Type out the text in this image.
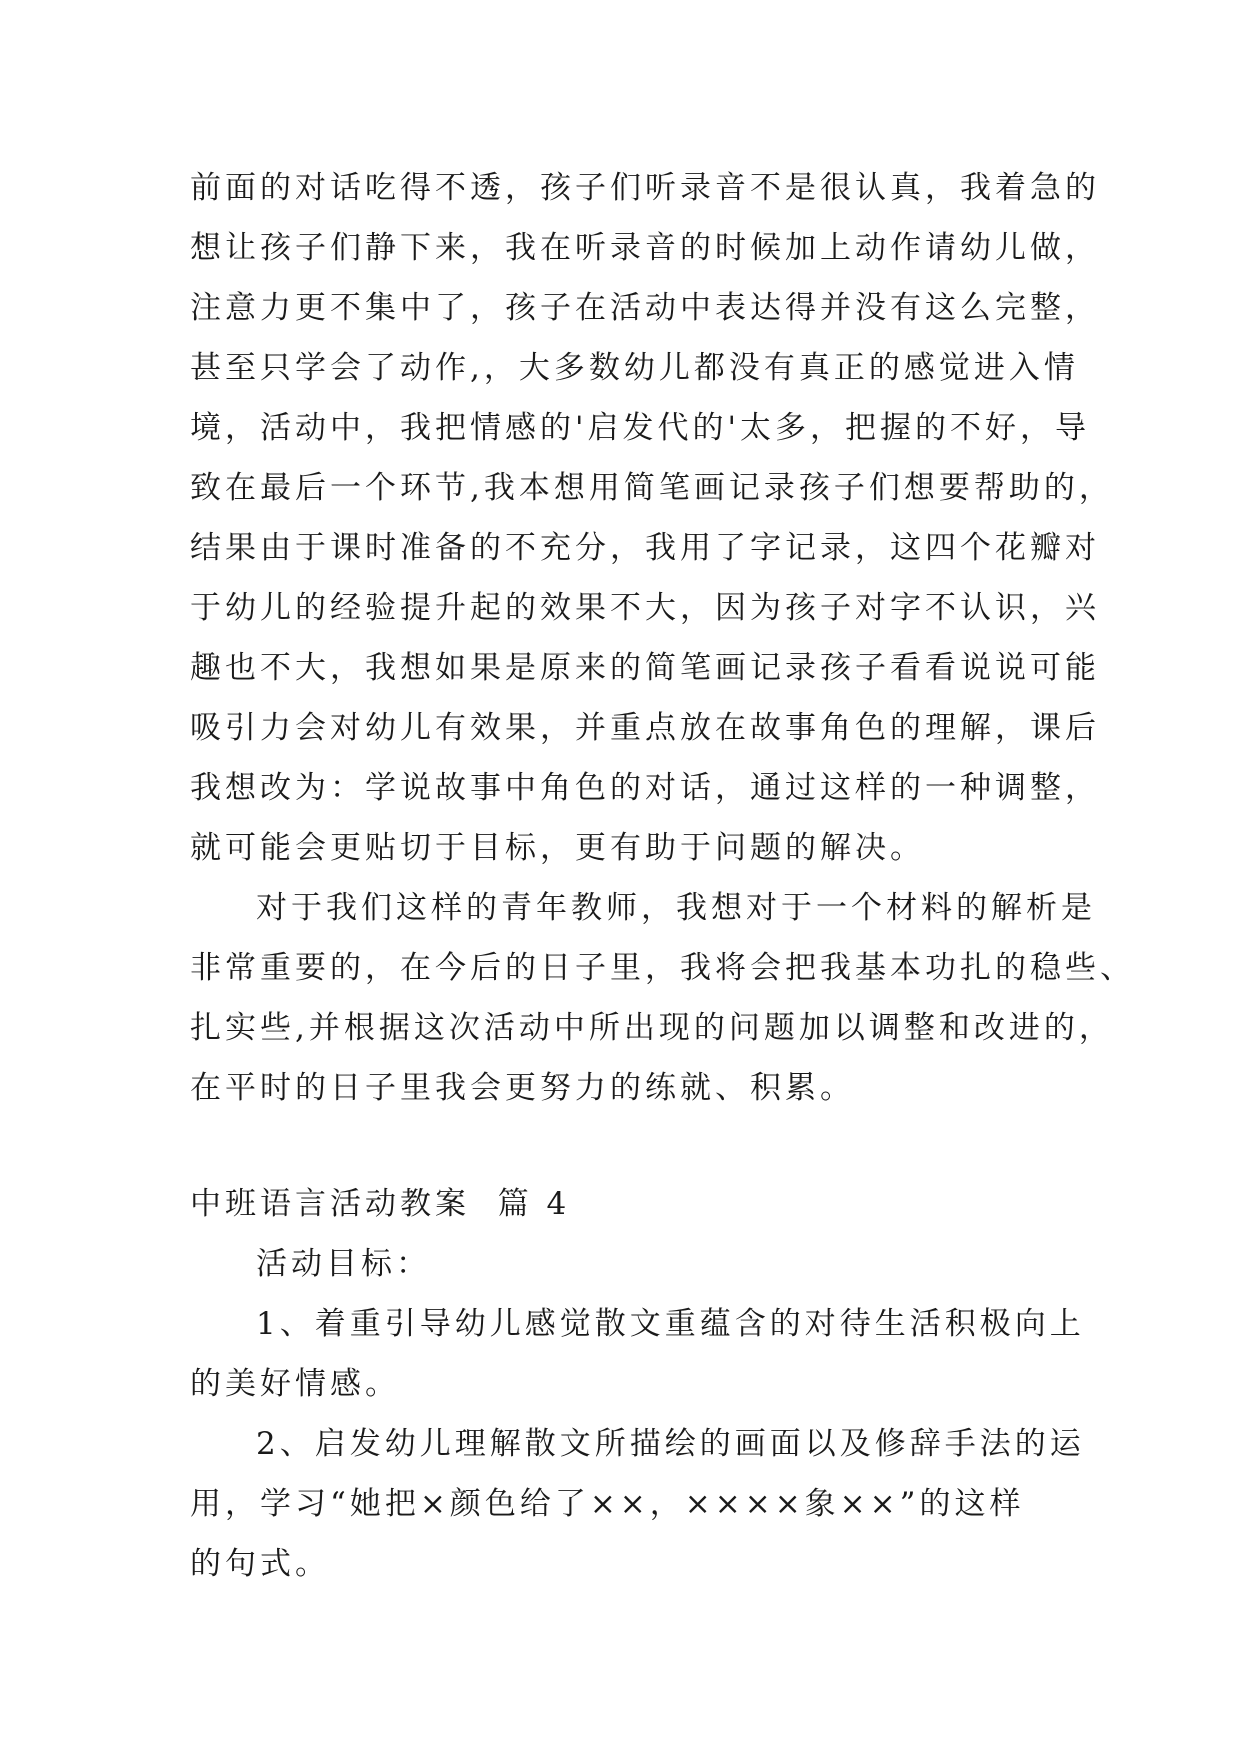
前面的对话吃得不透，孩子们听录音不是很认真，我着急的
想让孩子们静下来，我在听录音的时候加上动作请幼儿做，
注意力更不集中了，孩子在活动中表达得并没有这么完整，
甚至只学会了动作,，大多数幼儿都没有真正的感觉进入情
境，活动中，我把情感的'启发代的'太多，把握的不好，导
致在最后一个环节,我本想用简笔画记录孩子们想要帮助的，
结果由于课时准备的不充分，我用了字记录，这四个花瓣对
于幼儿的经验提升起的效果不大，因为孩子对字不认识，兴
趣也不大，我想如果是原来的简笔画记录孩子看看说说可能
吸引力会对幼儿有效果，并重点放在故事角色的理解，课后
我想改为：学说故事中角色的对话，通过这样的一种调整，
就可能会更贴切于目标，更有助于问题的解决。

对于我们这样的青年教师，我想对于一个材料的解析是
非常重要的，在今后的日子里，我将会把我基本功扎的稳些、
扎实些,并根据这次活动中所出现的问题加以调整和改进的，
在平时的日子里我会更努力的练就、积累。

中班语言活动教案  篇 4

活动目标：

1、着重引导幼儿感觉散文重蕴含的对待生活积极向上
的美好情感。

2、启发幼儿理解散文所描绘的画面以及修辞手法的运
用，学习“她把×颜色给了××，××××象××”的这样
的句式。
